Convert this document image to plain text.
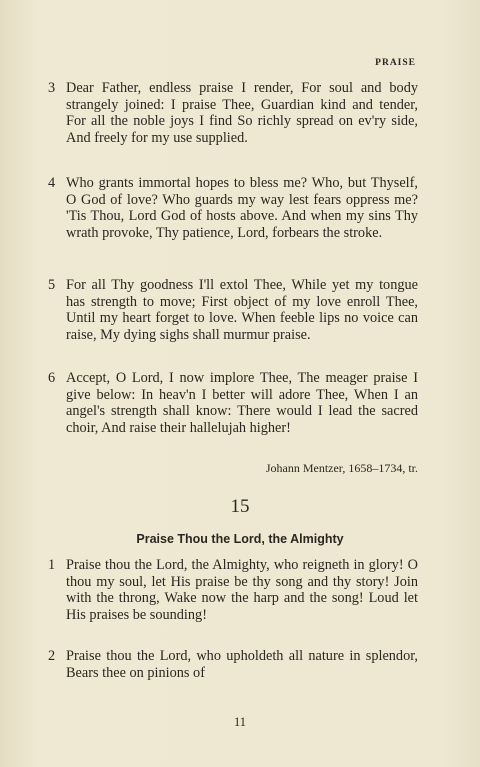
PRAISE
3 Dear Father, endless praise I render, For soul and body strangely joined: I praise Thee, Guardian kind and tender, For all the noble joys I find So richly spread on ev'ry side, And freely for my use supplied.
4 Who grants immortal hopes to bless me? Who, but Thyself, O God of love? Who guards my way lest fears oppress me? 'Tis Thou, Lord God of hosts above. And when my sins Thy wrath provoke, Thy patience, Lord, forbears the stroke.
5 For all Thy goodness I'll extol Thee, While yet my tongue has strength to move; First object of my love enroll Thee, Until my heart forget to love. When feeble lips no voice can raise, My dying sighs shall murmur praise.
6 Accept, O Lord, I now implore Thee, The meager praise I give below: In heav'n I better will adore Thee, When I an angel's strength shall know: There would I lead the sacred choir, And raise their hallelujah higher!
Johann Mentzer, 1658–1734, tr.
15
Praise Thou the Lord, the Almighty
1 Praise thou the Lord, the Almighty, who reigneth in glory! O thou my soul, let His praise be thy song and thy story! Join with the throng, Wake now the harp and the song! Loud let His praises be sounding!
2 Praise thou the Lord, who upholdeth all nature in splendor, Bears thee on pinions of
11
